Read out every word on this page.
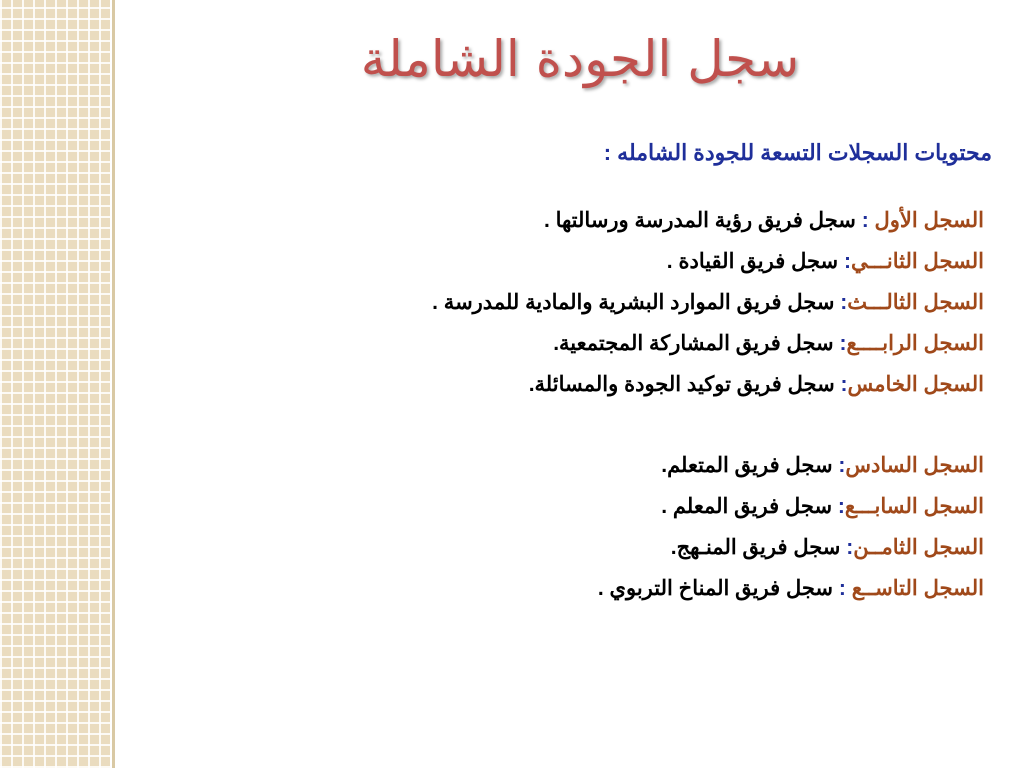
سجل الجودة الشاملة
محتويات السجلات التسعة للجودة الشامله :
السجل الأول : سجل فريق رؤية المدرسة ورسالتها .
السجل الثانـــي: سجل فريق القيادة .
السجل الثالـــث: سجل فريق الموارد البشرية والمادية للمدرسة .
السجل الرابــــع: سجل فريق المشاركة المجتمعية.
السجل الخامس: سجل فريق توكيد الجودة والمسائلة.
السجل السادس: سجل فريق المتعلم.
السجل السابـــع: سجل فريق المعلم .
السجل الثامــن: سجل فريق المنـهج.
السجل التاســع : سجل فريق المناخ التربوي .
